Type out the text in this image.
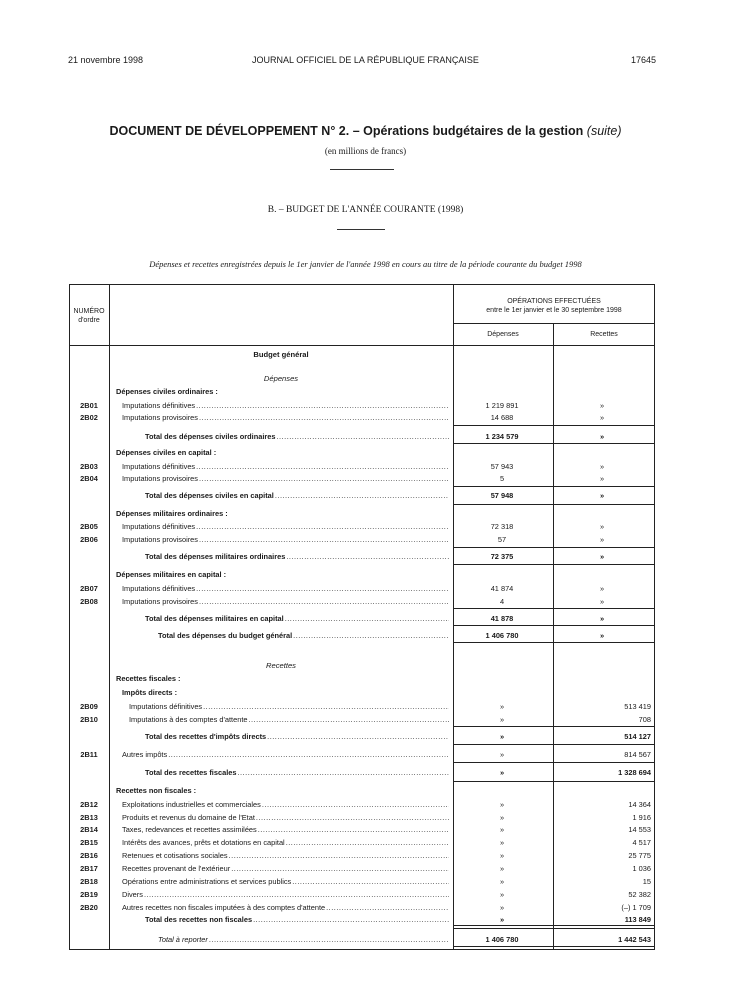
21 novembre 1998	JOURNAL OFFICIEL DE LA RÉPUBLIQUE FRANÇAISE	17645
DOCUMENT DE DÉVELOPPEMENT N° 2. – Opérations budgétaires de la gestion (suite)
(en millions de francs)
B. – BUDGET DE L'ANNÉE COURANTE (1998)
Dépenses et recettes enregistrées depuis le 1er janvier de l'année 1998 en cours au titre de la période courante du budget 1998
NUMÉRO
d'ordre
OPÉRATIONS EFFECTUÉES
entre le 1er janvier et le 30 septembre 1998
Dépenses	Recettes
Budget général
Dépenses
Recettes
Dépenses civiles ordinaires :
2B01	Imputations définitives .....	1 219 891	»
2B02	Imputations provisoires .....	14 688	»
Total des dépenses civiles ordinaires .....	1 234 579	»
Dépenses civiles en capital :
2B03	Imputations définitives .....	57 943	»
2B04	Imputations provisoires .....	5	»
Total des dépenses civiles en capital .....	57 948	»
Dépenses militaires ordinaires :
2B05	Imputations définitives .....	72 318	»
2B06	Imputations provisoires .....	57	»
Total des dépenses militaires ordinaires .....	72 375	»
Dépenses militaires en capital :
2B07	Imputations définitives .....	41 874	»
2B08	Imputations provisoires .....	4	»
Total des dépenses militaires en capital .....	41 878	»
Total des dépenses du budget général .....	1 406 780	»
Recettes fiscales :
Impôts directs :
2B09	Imputations définitives .....	»	513 419
2B10	Imputations à des comptes d'attente .....	»	708
Total des recettes d'impôts directs .....	»	514 127
2B11	Autres impôts .....	»	814 567
Total des recettes fiscales .....	»	1 328 694
Recettes non fiscales :
2B12	Exploitations industrielles et commerciales .....	»	14 364
2B13	Produits et revenus du domaine de l'Etat .....	»	1 916
2B14	Taxes, redevances et recettes assimilées .....	»	14 553
2B15	Intérêts des avances, prêts et dotations en capital .....	»	4 517
2B16	Retenues et cotisations sociales .....	»	25 775
2B17	Recettes provenant de l'extérieur .....	»	1 036
2B18	Opérations entre administrations et services publics .....	»	15
2B19	Divers .....	»	52 382
2B20	Autres recettes non fiscales imputées à des comptes d'attente .....	»	(–) 1 709
Total des recettes non fiscales .....	»	113 849
Total à reporter .....	1 406 780	1 442 543
